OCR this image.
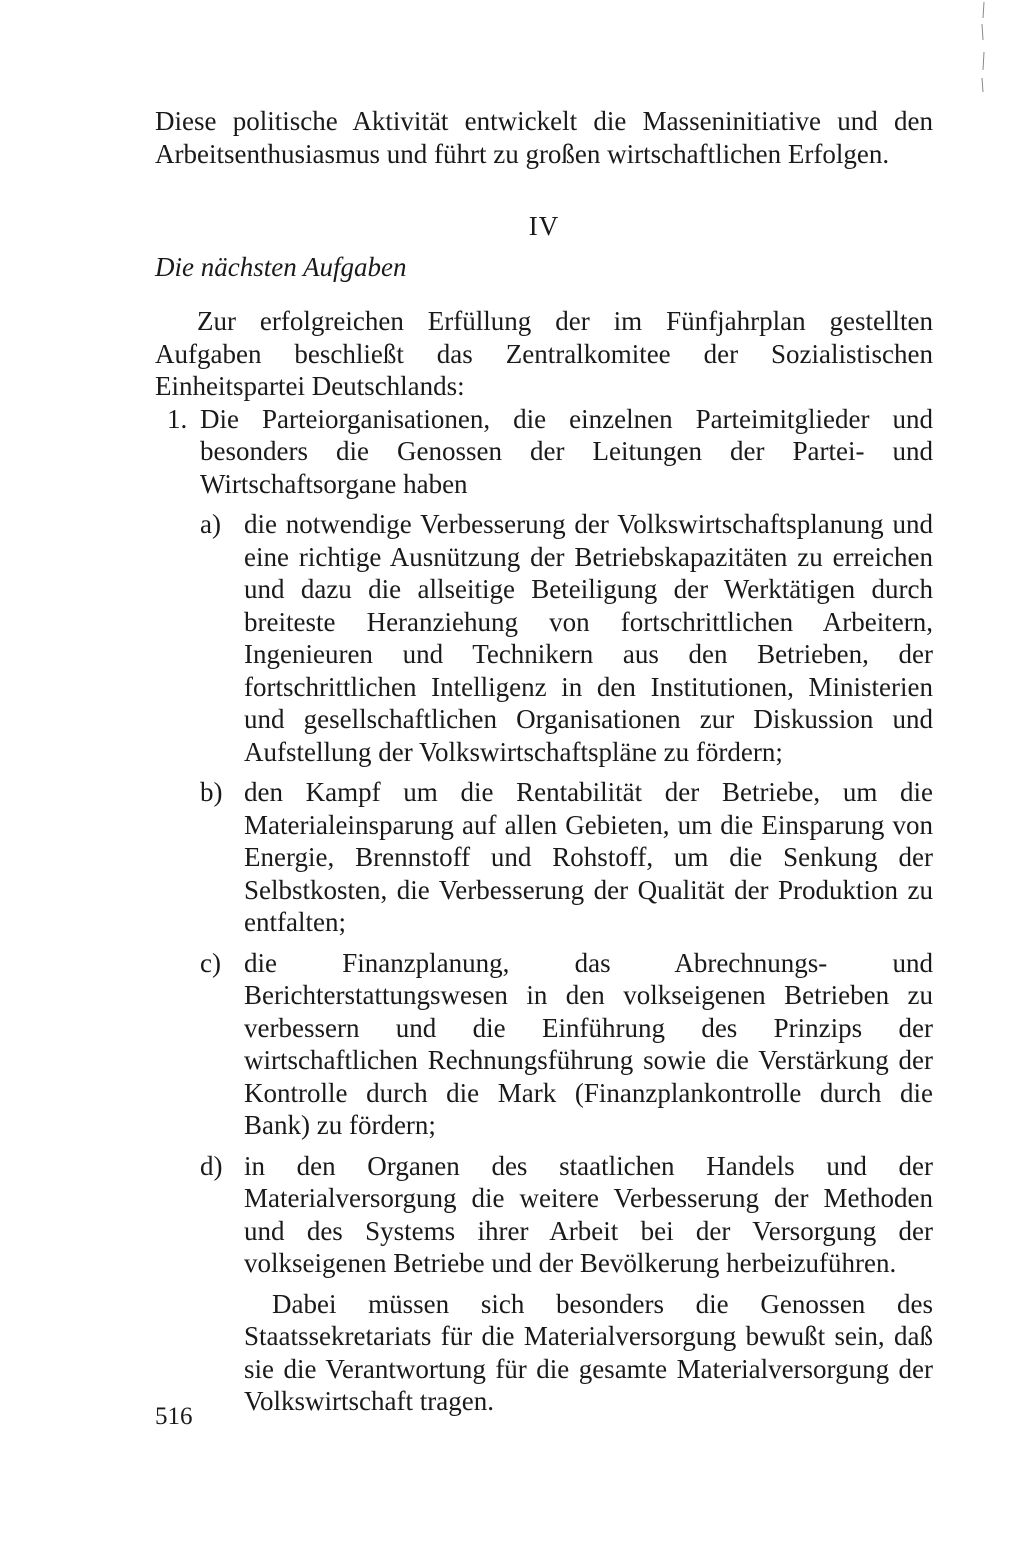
Diese politische Aktivität entwickelt die Masseninitiative und den Arbeitsenthusiasmus und führt zu großen wirtschaftlichen Erfolgen.

IV

Die nächsten Aufgaben

Zur erfolgreichen Erfüllung der im Fünfjahrplan gestellten Aufgaben beschließt das Zentralkomitee der Sozialistischen Einheitspartei Deutschlands:

1. Die Parteiorganisationen, die einzelnen Parteimitglieder und besonders die Genossen der Leitungen der Partei- und Wirtschaftsorgane haben

a) die notwendige Verbesserung der Volkswirtschaftsplanung und eine richtige Ausnützung der Betriebskapazitäten zu erreichen und dazu die allseitige Beteiligung der Werktätigen durch breiteste Heranziehung von fortschrittlichen Arbeitern, Ingenieuren und Technikern aus den Betrieben, der fortschrittlichen Intelligenz in den Institutionen, Ministerien und gesellschaftlichen Organisationen zur Diskussion und Aufstellung der Volkswirtschaftspläne zu fördern;

b) den Kampf um die Rentabilität der Betriebe, um die Materialeinsparung auf allen Gebieten, um die Einsparung von Energie, Brennstoff und Rohstoff, um die Senkung der Selbstkosten, die Verbesserung der Qualität der Produktion zu entfalten;

c) die Finanzplanung, das Abrechnungs- und Berichterstattungswesen in den volkseigenen Betrieben zu verbessern und die Einführung des Prinzips der wirtschaftlichen Rechnungsführung sowie die Verstärkung der Kontrolle durch die Mark (Finanzplankontrolle durch die Bank) zu fördern;

d) in den Organen des staatlichen Handels und der Materialversorgung die weitere Verbesserung der Methoden und des Systems ihrer Arbeit bei der Versorgung der volkseigenen Betriebe und der Bevölkerung herbeizuführen.

Dabei müssen sich besonders die Genossen des Staatssekretariats für die Materialversorgung bewußt sein, daß sie die Verantwortung für die gesamte Materialversorgung der Volkswirtschaft tragen.

516
